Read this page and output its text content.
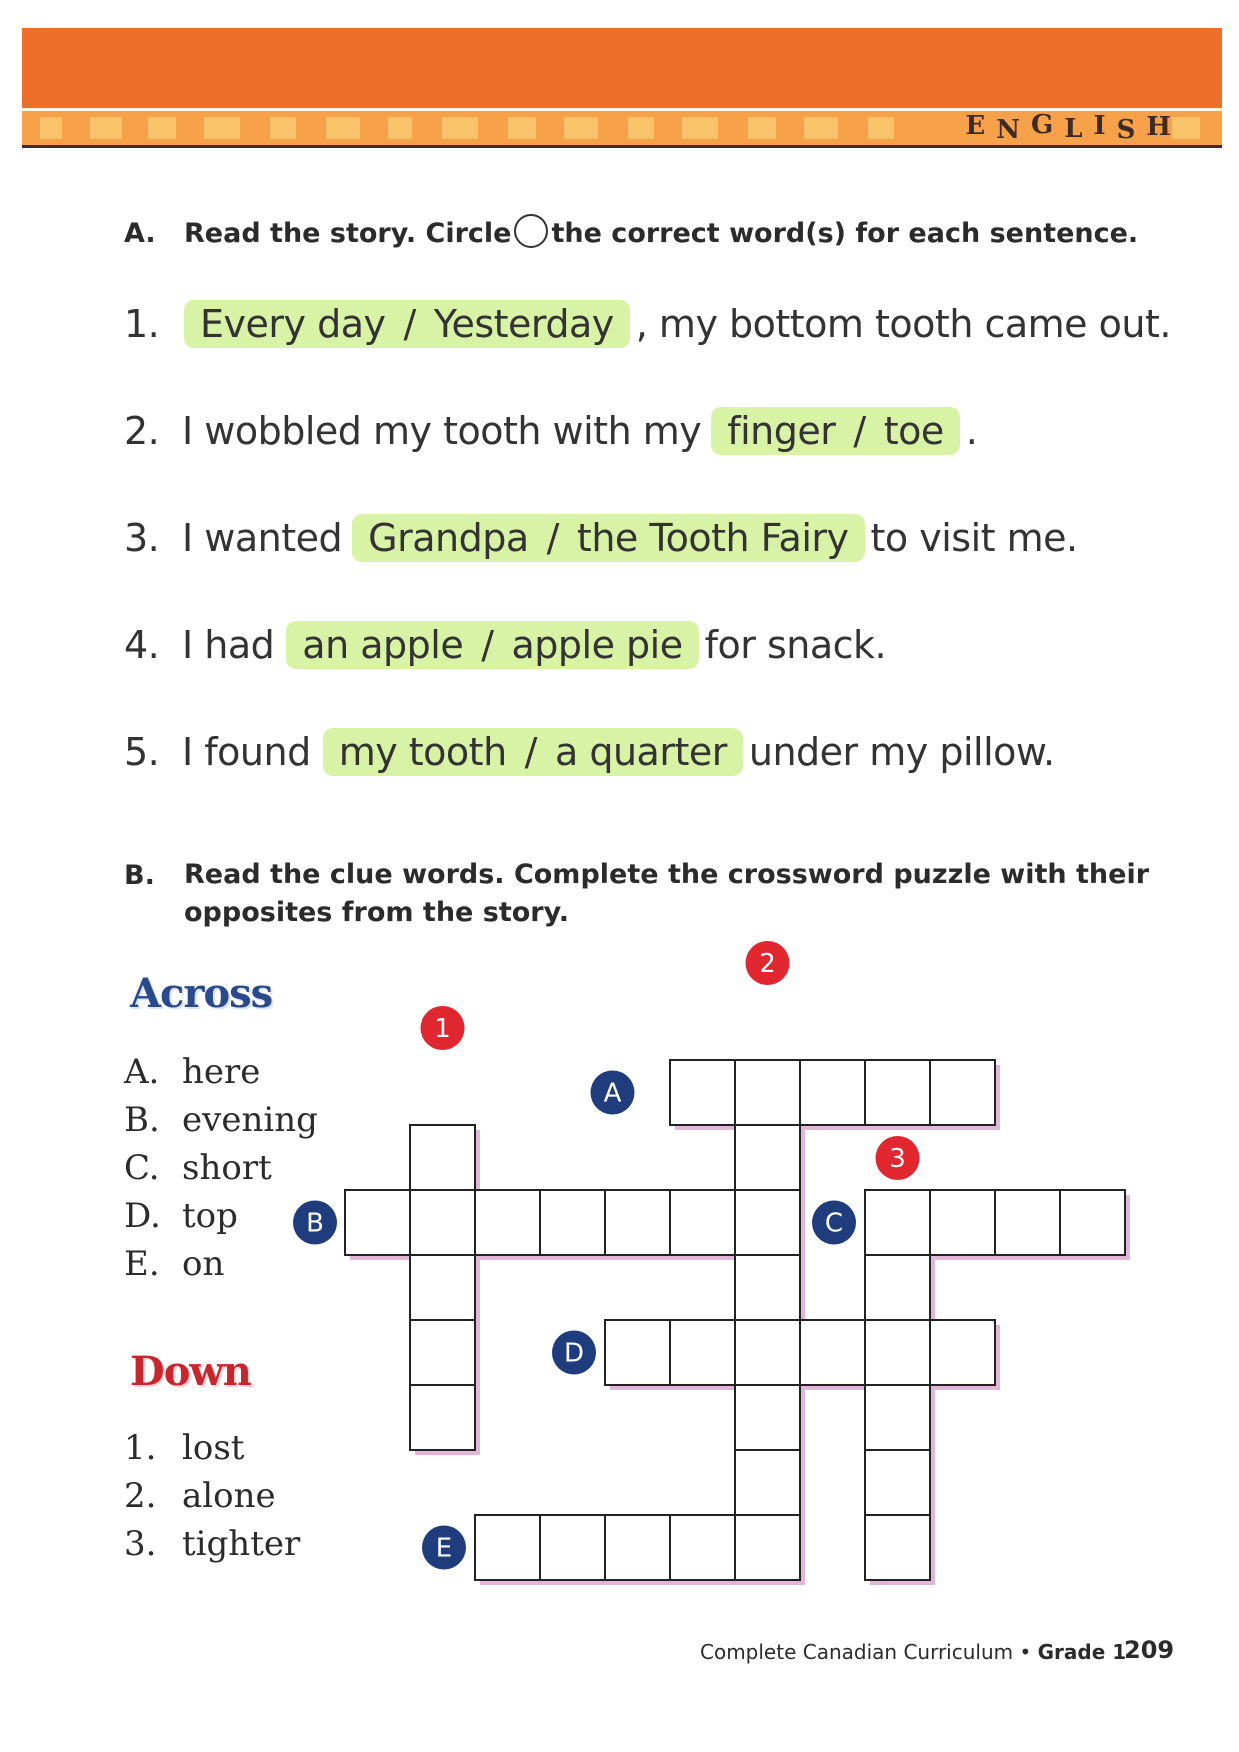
ENGLISH
A. Read the story. Circle the correct word(s) for each sentence.
1. Every day / Yesterday , my bottom tooth came out.
2. I wobbled my tooth with my finger / toe .
3. I wanted Grandpa / the Tooth Fairy to visit me.
4. I had an apple / apple pie for snack.
5. I found my tooth / a quarter under my pillow.
B. Read the clue words. Complete the crossword puzzle with their
opposites from the story.
Across
A. here
B. evening
C. short
D. top
E. on
Down
1. lost
2. alone
3. tighter
A
B	C
D
E
1
2
3
Complete Canadian Curriculum • Grade 1
209
